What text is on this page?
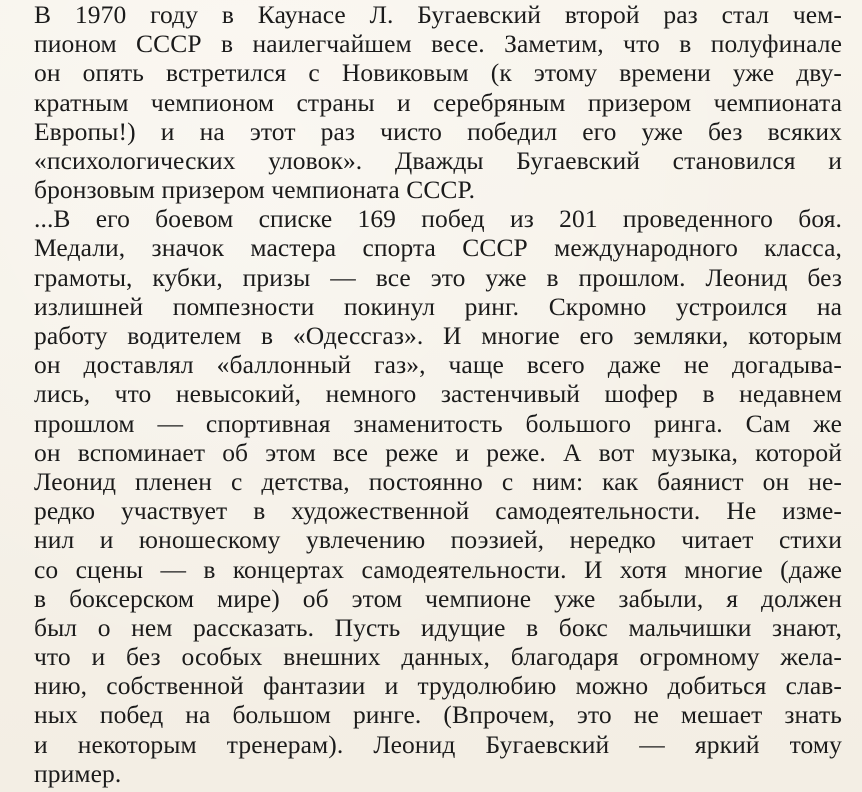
В 1970 году в Каунасе Л. Бугаевский второй раз стал чем-
пионом СССР в наилегчайшем весе. Заметим, что в полуфинале
он опять встретился с Новиковым (к этому времени уже дву-
кратным чемпионом страны и серебряным призером чемпионата
Европы!) и на этот раз чисто победил его уже без всяких
«психологических уловок». Дважды Бугаевский становился и
бронзовым призером чемпионата СССР.
...В его боевом списке 169 побед из 201 проведенного боя.
Медали, значок мастера спорта СССР международного класса,
грамоты, кубки, призы — все это уже в прошлом. Леонид без
излишней помпезности покинул ринг. Скромно устроился на
работу водителем в «Одессгаз». И многие его земляки, которым
он доставлял «баллонный газ», чаще всего даже не догадыва-
лись, что невысокий, немного застенчивый шофер в недавнем
прошлом — спортивная знаменитость большого ринга. Сам же
он вспоминает об этом все реже и реже. А вот музыка, которой
Леонид пленен с детства, постоянно с ним: как баянист он не-
редко участвует в художественной самодеятельности. Не изме-
нил и юношескому увлечению поэзией, нередко читает стихи
со сцены — в концертах самодеятельности. И хотя многие (даже
в боксерском мире) об этом чемпионе уже забыли, я должен
был о нем рассказать. Пусть идущие в бокс мальчишки знают,
что и без особых внешних данных, благодаря огромному жела-
нию, собственной фантазии и трудолюбию можно добиться слав-
ных побед на большом ринге. (Впрочем, это не мешает знать
и некоторым тренерам). Леонид Бугаевский — яркий тому
пример.
